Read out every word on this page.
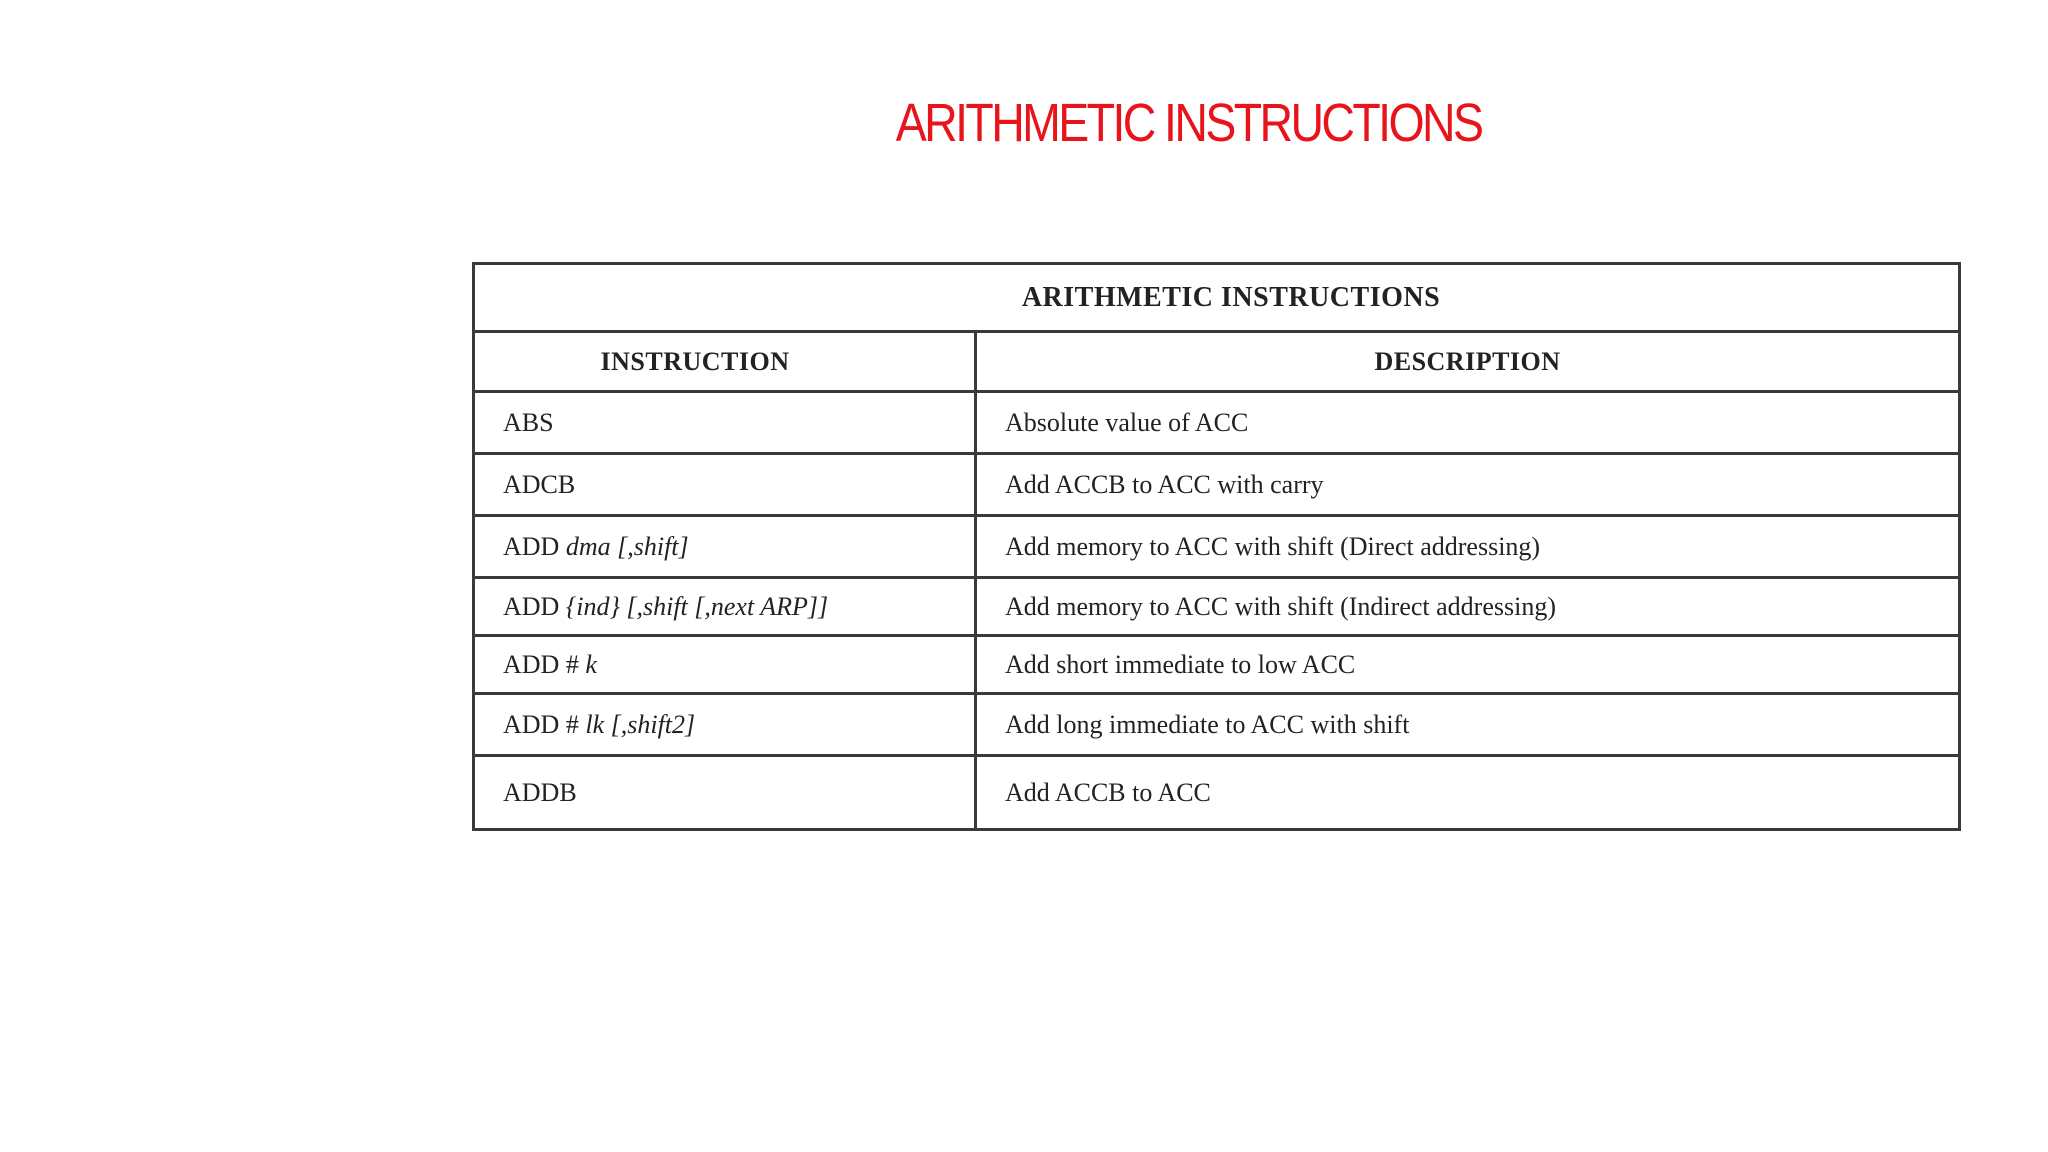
ARITHMETIC INSTRUCTIONS
ARITHMETIC INSTRUCTIONS	
INSTRUCTION	DESCRIPTION
ABS	Absolute value of ACC
ADCB	Add ACCB to ACC with carry
ADD dma [,shift]	Add memory to ACC with shift (Direct addressing)
ADD {ind} [,shift [,next ARP]]	Add memory to ACC with shift (Indirect addressing)
ADD # k	Add short immediate to low ACC
ADD # lk [,shift2]	Add long immediate to ACC with shift
ADDB	Add ACCB to ACC
